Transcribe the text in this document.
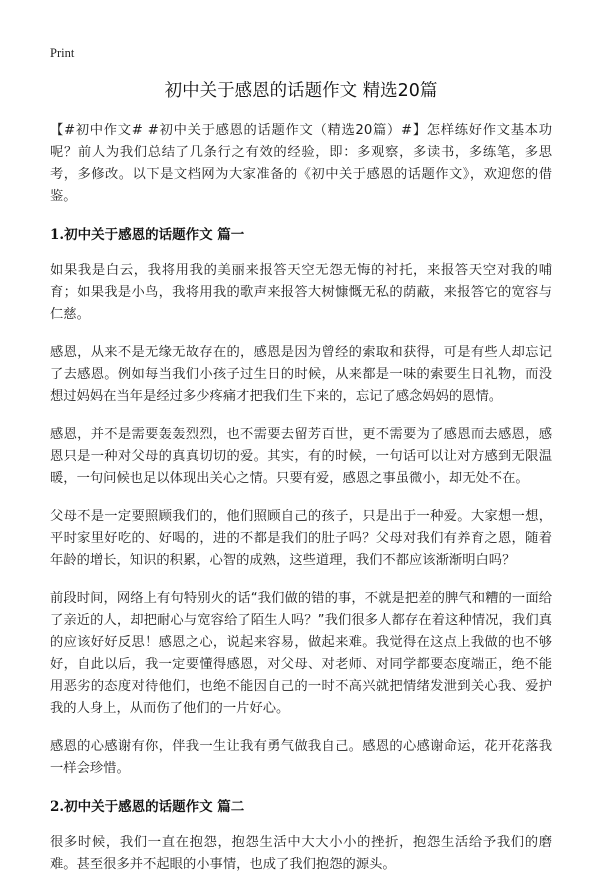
Print
初中关于感恩的话题作文 精选20篇

【#初中作文# #初中关于感恩的话题作文（精选20篇）#】怎样练好作文基本功呢？前人为我们总结了几条行之有效的经验，即：多观察，多读书，多练笔，多思考，多修改。以下是文档网为大家准备的《初中关于感恩的话题作文》，欢迎您的借鉴。

1.初中关于感恩的话题作文 篇一

如果我是白云，我将用我的美丽来报答天空无怨无悔的衬托，来报答天空对我的哺育；如果我是小鸟，我将用我的歌声来报答大树慷慨无私的荫蔽，来报答它的宽容与仁慈。

感恩，从来不是无缘无故存在的，感恩是因为曾经的索取和获得，可是有些人却忘记了去感恩。例如每当我们小孩子过生日的时候，从来都是一味的索要生日礼物，而没想过妈妈在当年是经过多少疼痛才把我们生下来的，忘记了感念妈妈的恩情。

感恩，并不是需要轰轰烈烈，也不需要去留芳百世，更不需要为了感恩而去感恩，感恩只是一种对父母的真真切切的爱。其实，有的时候，一句话可以让对方感到无限温暖，一句问候也足以体现出关心之情。只要有爱，感恩之事虽微小，却无处不在。

父母不是一定要照顾我们的，他们照顾自己的孩子，只是出于一种爱。大家想一想，平时家里好吃的、好喝的，进的不都是我们的肚子吗？父母对我们有养育之恩，随着年龄的增长，知识的积累，心智的成熟，这些道理，我们不都应该渐渐明白吗？

前段时间，网络上有句特别火的话“我们做的错的事，不就是把差的脾气和糟的一面给了亲近的人，却把耐心与宽容给了陌生人吗？”我们很多人都存在着这种情况，我们真的应该好好反思！感恩之心，说起来容易，做起来难。我觉得在这点上我做的也不够好，自此以后，我一定要懂得感恩，对父母、对老师、对同学都要态度端正，绝不能用恶劣的态度对待他们，也绝不能因自己的一时不高兴就把情绪发泄到关心我、爱护我的人身上，从而伤了他们的一片好心。

感恩的心感谢有你，伴我一生让我有勇气做我自己。感恩的心感谢命运，花开花落我一样会珍惜。

2.初中关于感恩的话题作文 篇二

很多时候，我们一直在抱怨，抱怨生活中大大小小的挫折，抱怨生活给予我们的磨难。甚至很多并不起眼的小事情，也成了我们抱怨的源头。
